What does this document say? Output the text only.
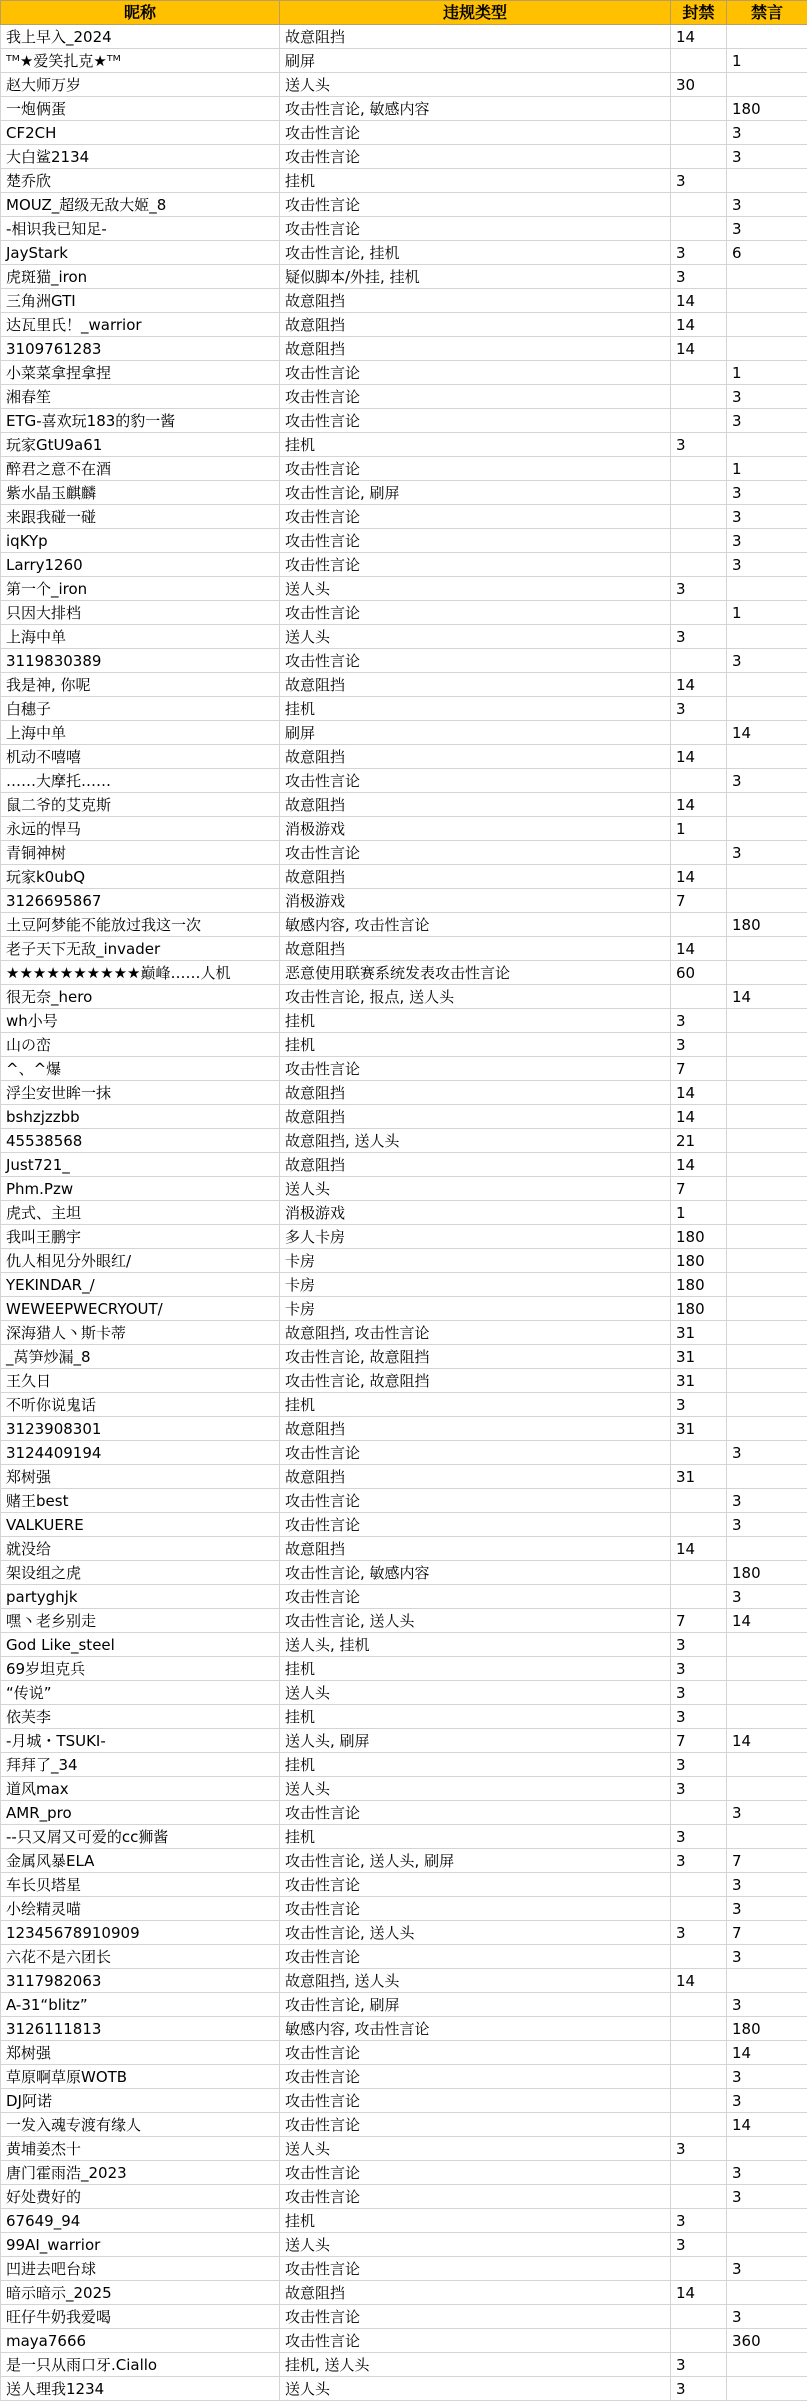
昵称	违规类型	封禁	禁言
我上早入_2024	故意阻挡	14	
ᵀᴹ★爱笑扎克★ᵀᴹ	刷屏		1
赵大师万岁	送人头	30	
一炮俩蛋	攻击性言论, 敏感内容		180
CF2CH	攻击性言论		3
大白鲨2134	攻击性言论		3
楚乔欣	挂机	3	
MOUZ_超级无敌大姬_8	攻击性言论		3
-相识我已知足-	攻击性言论		3
JayStark	攻击性言论, 挂机	3	6
虎斑猫_iron	疑似脚本/外挂, 挂机	3	
三角洲GTI	故意阻挡	14	
达瓦里氏！_warrior	故意阻挡	14	
3109761283	故意阻挡	14	
小菜菜拿捏拿捏	攻击性言论		1
湘春笙	攻击性言论		3
ETG-喜欢玩183的豹一酱	攻击性言论		3
玩家GtU9a61	挂机	3	
醉君之意不在酒	攻击性言论		1
紫水晶玉麒麟	攻击性言论, 刷屏		3
来跟我碰一碰	攻击性言论		3
iqKYp	攻击性言论		3
Larry1260	攻击性言论		3
第一个_iron	送人头	3	
只因大排档	攻击性言论		1
上海中单	送人头	3	
3119830389	攻击性言论		3
我是神, 你呢	故意阻挡	14	
白穗子	挂机	3	
上海中单	刷屏		14
机动不嘻嘻	故意阻挡	14	
……大摩托……	攻击性言论		3
鼠二爷的艾克斯	故意阻挡	14	
永远的悍马	消极游戏	1	
青铜神树	攻击性言论		3
玩家k0ubQ	故意阻挡	14	
3126695867	消极游戏	7	
土豆阿梦能不能放过我这一次	敏感内容, 攻击性言论		180
老子天下无敌_invader	故意阻挡	14	
★★★★★★★★★★巅峰……人机	恶意使用联赛系统发表攻击性言论	60	
很无奈_hero	攻击性言论, 报点, 送人头		14
wh小号	挂机	3	
山の峦	挂机	3	
^、^爆	攻击性言论	7	
浮尘安世眸一抹	故意阻挡	14	
bshzjzzbb	故意阻挡	14	
45538568	故意阻挡, 送人头	21	
Just721_	故意阻挡	14	
Phm.Pzw	送人头	7	
虎式、主坦	消极游戏	1	
我叫王鹏宇	多人卡房	180	
仇人相见分外眼红/	卡房	180	
YEKINDAR_/	卡房	180	
WEWEEPWECRYOUT/	卡房	180	
深海猎人丶斯卡蒂	故意阻挡, 攻击性言论	31	
_莴笋炒漏_8	攻击性言论, 故意阻挡	31	
王久日	攻击性言论, 故意阻挡	31	
不听你说鬼话	挂机	3	
3123908301	故意阻挡	31	
3124409194	攻击性言论		3
郑树强	故意阻挡	31	
赌王best	攻击性言论		3
VALKUERE	攻击性言论		3
就没给	故意阻挡	14	
架设组之虎	攻击性言论, 敏感内容		180
partyghjk	攻击性言论		3
嘿丶老乡别走	攻击性言论, 送人头	7	14
God Like_steel	送人头, 挂机	3	
69岁坦克兵	挂机	3	
“传说”	送人头	3	
依芙李	挂机	3	
-月城・TSUKI-	送人头, 刷屏	7	14
拜拜了_34	挂机	3	
道风max	送人头	3	
AMR_pro	攻击性言论		3
--只又屑又可爱的cc狮酱	挂机	3	
金属风暴ELA	攻击性言论, 送人头, 刷屏	3	7
车长贝塔星	攻击性言论		3
小绘精灵喵	攻击性言论		3
12345678910909	攻击性言论, 送人头	3	7
六花不是六团长	攻击性言论		3
3117982063	故意阻挡, 送人头	14	
A-31“blitz”	攻击性言论, 刷屏		3
3126111813	敏感内容, 攻击性言论		180
郑树强	攻击性言论		14
草原啊草原WOTB	攻击性言论		3
DJ阿诺	攻击性言论		3
一发入魂专渡有缘人	攻击性言论		14
黄埔姜杰十	送人头	3	
唐门霍雨浩_2023	攻击性言论		3
好处费好的	攻击性言论		3
67649_94	挂机	3	
99AI_warrior	送人头	3	
凹进去吧台球	攻击性言论		3
暗示暗示_2025	故意阻挡	14	
旺仔牛奶我爱喝	攻击性言论		3
maya7666	攻击性言论		360
是一只从雨口牙.Ciallo	挂机, 送人头	3	
送人理我1234	送人头	3	
